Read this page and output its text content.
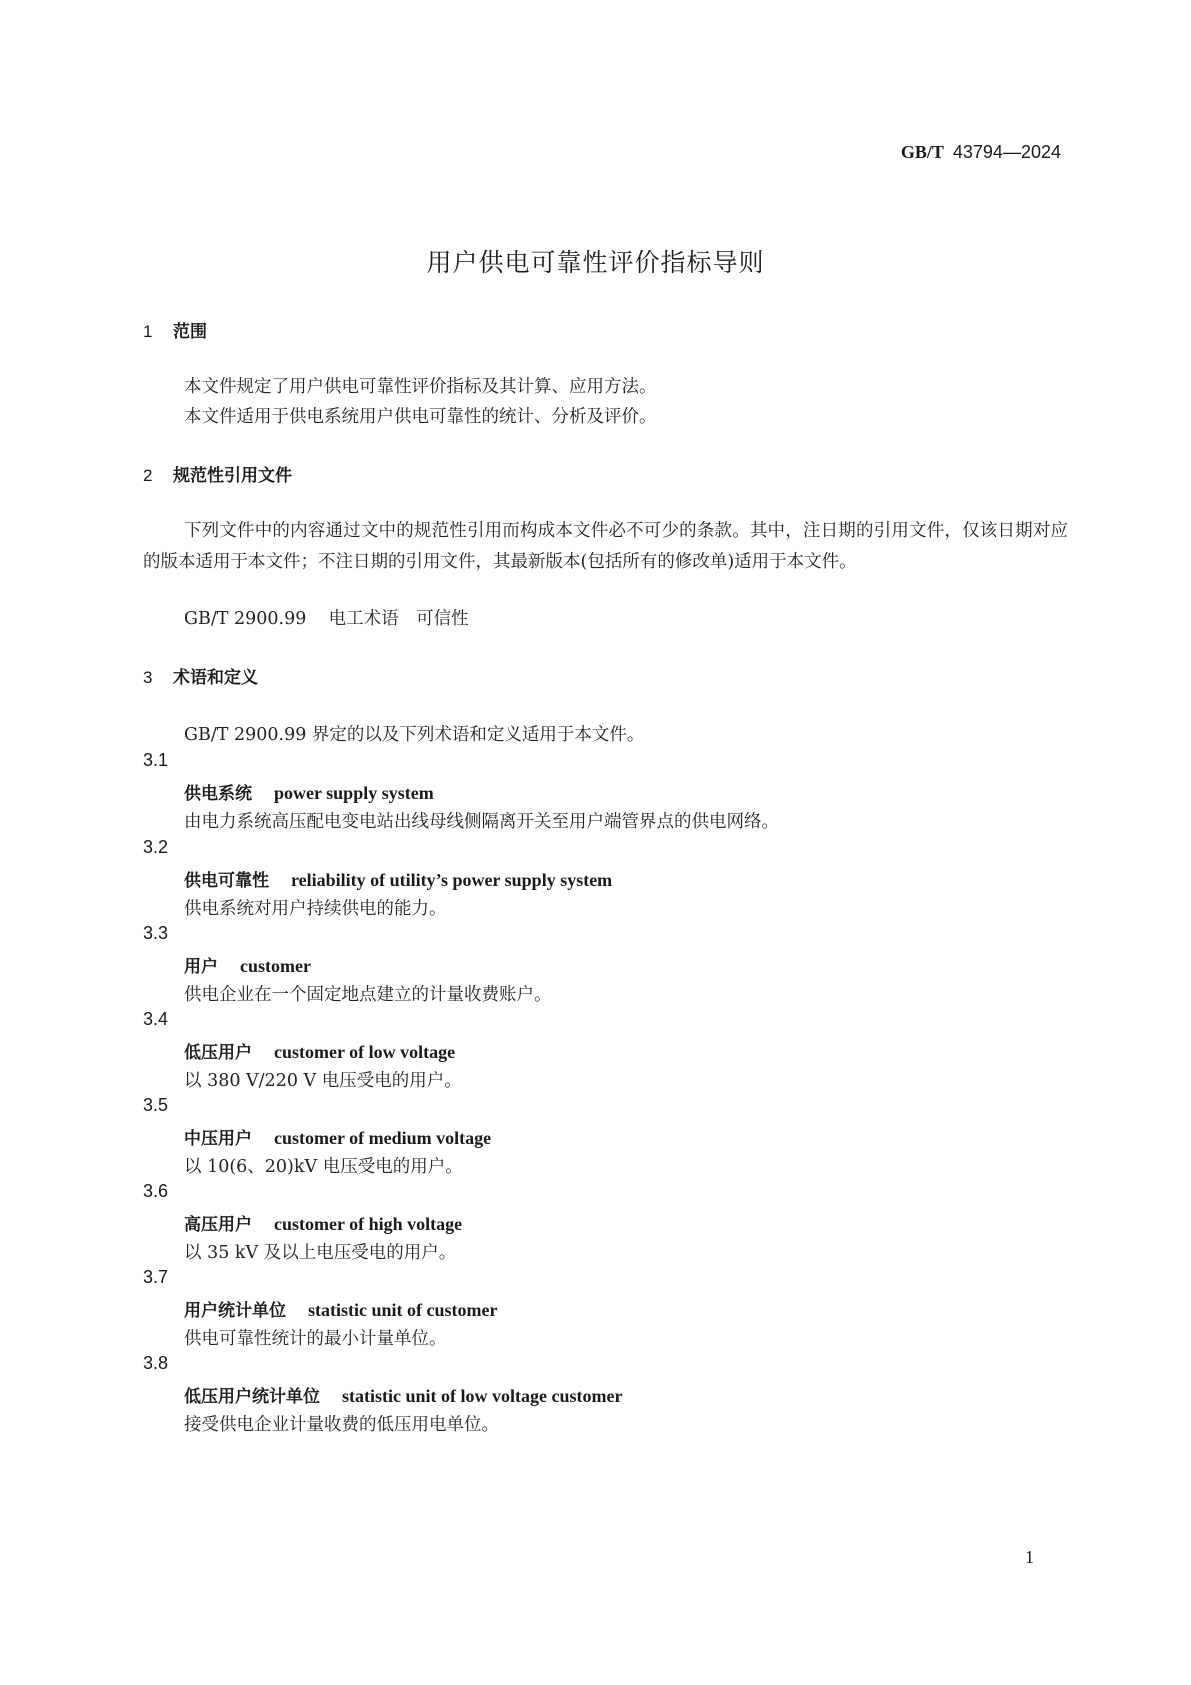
GB/T 43794—2024
用户供电可靠性评价指标导则
1 范围
本文件规定了用户供电可靠性评价指标及其计算、应用方法。
本文件适用于供电系统用户供电可靠性的统计、分析及评价。
2 规范性引用文件
下列文件中的内容通过文中的规范性引用而构成本文件必不可少的条款。其中，注日期的引用文件，仅该日期对应的版本适用于本文件；不注日期的引用文件，其最新版本(包括所有的修改单)适用于本文件。
GB/T 2900.99 电工术语　可信性
3 术语和定义
GB/T 2900.99 界定的以及下列术语和定义适用于本文件。
3.1
供电系统 power supply system
由电力系统高压配电变电站出线母线侧隔离开关至用户端管界点的供电网络。
3.2
供电可靠性 reliability of utility’s power supply system
供电系统对用户持续供电的能力。
3.3
用户 customer
供电企业在一个固定地点建立的计量收费账户。
3.4
低压用户 customer of low voltage
以 380 V/220 V 电压受电的用户。
3.5
中压用户 customer of medium voltage
以 10(6、20)kV 电压受电的用户。
3.6
高压用户 customer of high voltage
以 35 kV 及以上电压受电的用户。
3.7
用户统计单位 statistic unit of customer
供电可靠性统计的最小计量单位。
3.8
低压用户统计单位 statistic unit of low voltage customer
接受供电企业计量收费的低压用电单位。
1
